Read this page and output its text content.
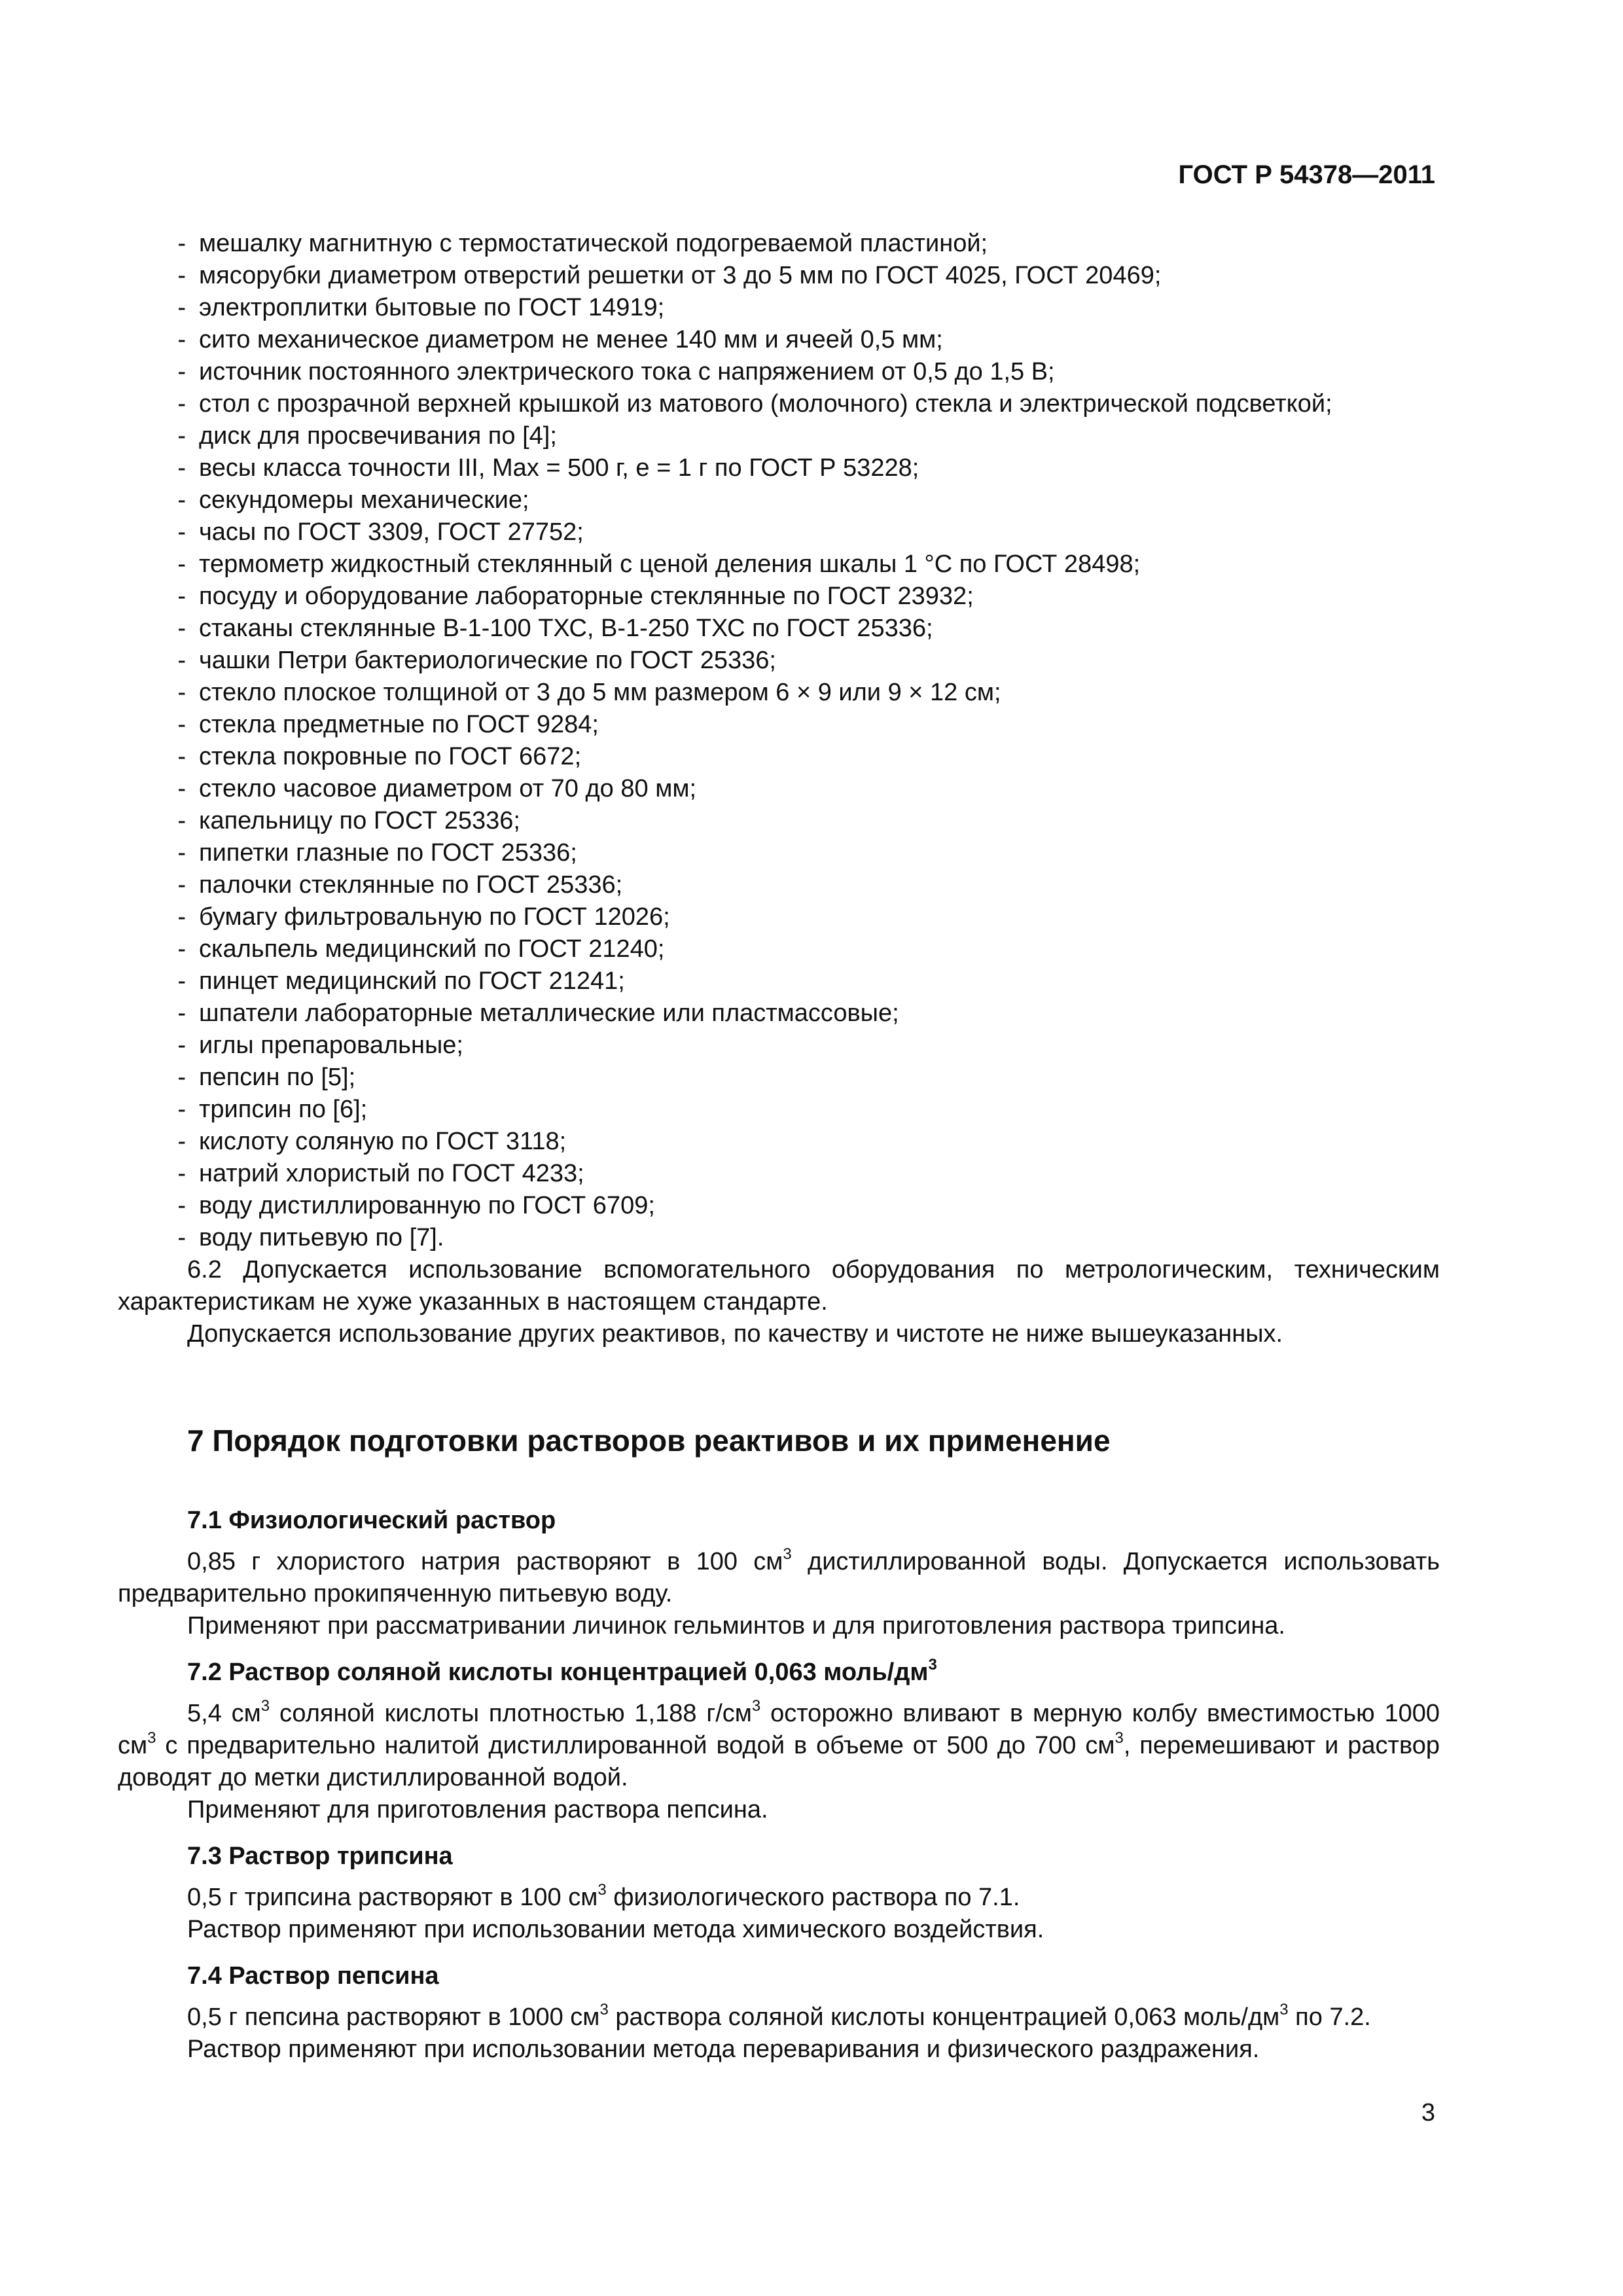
ГОСТ Р 54378—2011
- мешалку магнитную с термостатической подогреваемой пластиной;
- мясорубки диаметром отверстий решетки от 3 до 5 мм по ГОСТ 4025, ГОСТ 20469;
- электроплитки бытовые по ГОСТ 14919;
- сито механическое диаметром не менее 140 мм и ячеей 0,5 мм;
- источник постоянного электрического тока с напряжением от 0,5 до 1,5 В;
- стол с прозрачной верхней крышкой из матового (молочного) стекла и электрической подсветкой;
- диск для просвечивания по [4];
- весы класса точности III, Max = 500 г, e = 1 г по ГОСТ Р 53228;
- секундомеры механические;
- часы по ГОСТ 3309, ГОСТ 27752;
- термометр жидкостный стеклянный с ценой деления шкалы 1 °С по ГОСТ 28498;
- посуду и оборудование лабораторные стеклянные по ГОСТ 23932;
- стаканы стеклянные В-1-100 ТХС, В-1-250 ТХС по ГОСТ 25336;
- чашки Петри бактериологические по ГОСТ 25336;
- стекло плоское толщиной от 3 до 5 мм размером 6 × 9 или 9 × 12 см;
- стекла предметные по ГОСТ 9284;
- стекла покровные по ГОСТ 6672;
- стекло часовое диаметром от 70 до 80 мм;
- капельницу по ГОСТ 25336;
- пипетки глазные по ГОСТ 25336;
- палочки стеклянные по ГОСТ 25336;
- бумагу фильтровальную по ГОСТ 12026;
- скальпель медицинский по ГОСТ 21240;
- пинцет медицинский по ГОСТ 21241;
- шпатели лабораторные металлические или пластмассовые;
- иглы препаровальные;
- пепсин по [5];
- трипсин по [6];
- кислоту соляную по ГОСТ 3118;
- натрий хлористый по ГОСТ 4233;
- воду дистиллированную по ГОСТ 6709;
- воду питьевую по [7].

6.2 Допускается использование вспомогательного оборудования по метрологическим, техническим характеристикам не хуже указанных в настоящем стандарте.

Допускается использование других реактивов, по качеству и чистоте не ниже вышеуказанных.

7 Порядок подготовки растворов реактивов и их применение
7.1 Физиологический раствор

0,85 г хлористого натрия растворяют в 100 $см^3$ дистиллированной воды. Допускается использовать предварительно прокипяченную питьевую воду.

Применяют при рассматривании личинок гельминтов и для приготовления раствора трипсина.

7.2 Раствор соляной кислоты концентрацией 0,063 моль/$дм^3$

5,4 $см^3$ соляной кислоты плотностью 1,188 $г/см^3$ осторожно вливают в мерную колбу вместимостью 1000 $см^3$ с предварительно налитой дистиллированной водой в объеме от 500 до 700 $см^3$, перемешивают и раствор доводят до метки дистиллированной водой.

Применяют для приготовления раствора пепсина.

7.3 Раствор трипсина

0,5 г трипсина растворяют в 100 $см^3$ физиологического раствора по 7.1.

Раствор применяют при использовании метода химического воздействия.

7.4 Раствор пепсина

0,5 г пепсина растворяют в 1000 $см^3$ раствора соляной кислоты концентрацией 0,063 моль/$дм^3$ по 7.2.

Раствор применяют при использовании метода переваривания и физического раздражения.

3
